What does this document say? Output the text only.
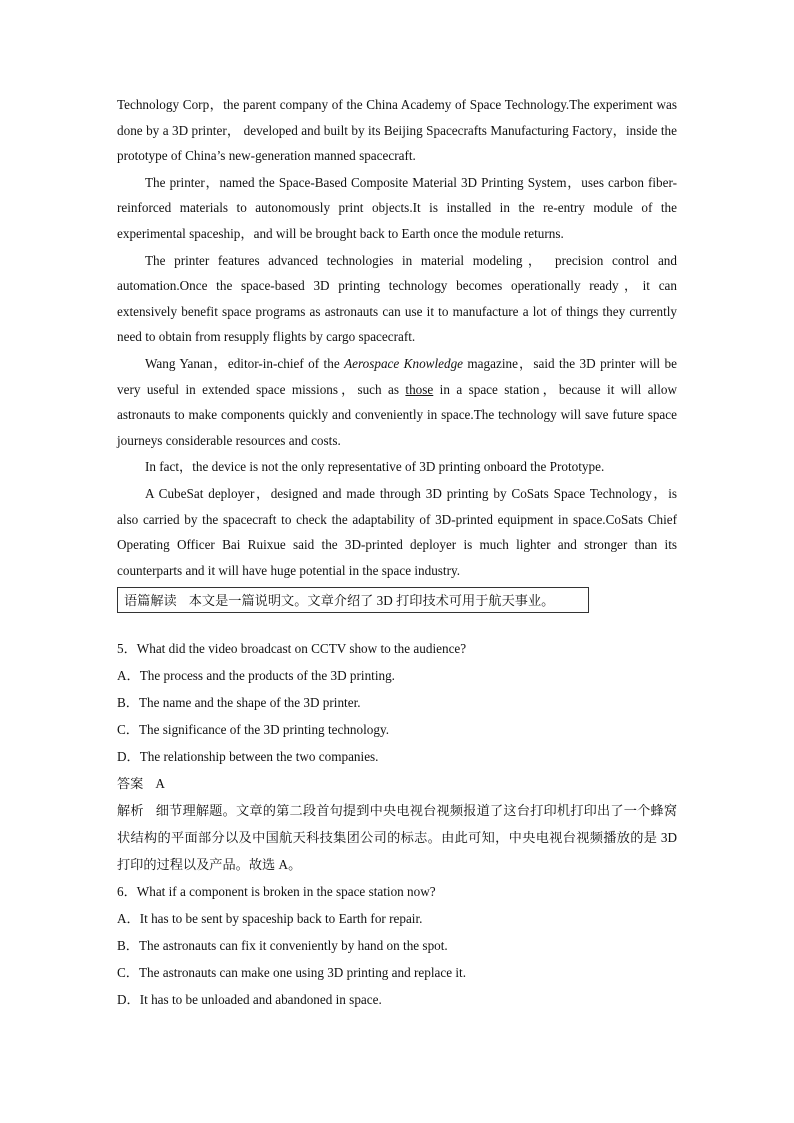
Technology Corp，the parent company of the China Academy of Space Technology.The experiment was done by a 3D printer， developed and built by its Beijing Spacecrafts Manufacturing Factory，inside the prototype of China’s new-generation manned spacecraft.

The printer，named the Space-Based Composite Material 3D Printing System，uses carbon fiber-reinforced materials to autonomously print objects.It is installed in the re-entry module of the experimental spaceship，and will be brought back to Earth once the module returns.

The printer features advanced technologies in material modeling， precision control and automation.Once the space-based 3D printing technology becomes operationally ready，it can extensively benefit space programs as astronauts can use it to manufacture a lot of things they currently need to obtain from resupply flights by cargo spacecraft.

Wang Yanan，editor-in-chief of the Aerospace Knowledge magazine，said the 3D printer will be very useful in extended space missions，such as those in a space station，because it will allow astronauts to make components quickly and conveniently in space.The technology will save future space journeys considerable resources and costs.

In fact，the device is not the only representative of 3D printing onboard the Prototype.

A CubeSat deployer，designed and made through 3D printing by CoSats Space Technology，is also carried by the spacecraft to check the adaptability of 3D-printed equipment in space.CoSats Chief Operating Officer Bai Ruixue said the 3D-printed deployer is much lighter and stronger than its counterparts and it will have huge potential in the space industry.

语篇解读 本文是一篇说明文。文章介绍了 3D 打印技术可用于航天事业。
5．What did the video broadcast on CCTV show to the audience?
A．The process and the products of the 3D printing.
B．The name and the shape of the 3D printer.
C．The significance of the 3D printing technology.
D．The relationship between the two companies.
答案 A
解析 细节理解题。文章的第二段首句提到中央电视台视频报道了这台打印机打印出了一个蜂窝状结构的平面部分以及中国航天科技集团公司的标志。由此可知，中央电视台视频播放的是 3D 打印的过程以及产品。故选 A。
6．What if a component is broken in the space station now?
A．It has to be sent by spaceship back to Earth for repair.
B．The astronauts can fix it conveniently by hand on the spot.
C．The astronauts can make one using 3D printing and replace it.
D．It has to be unloaded and abandoned in space.
